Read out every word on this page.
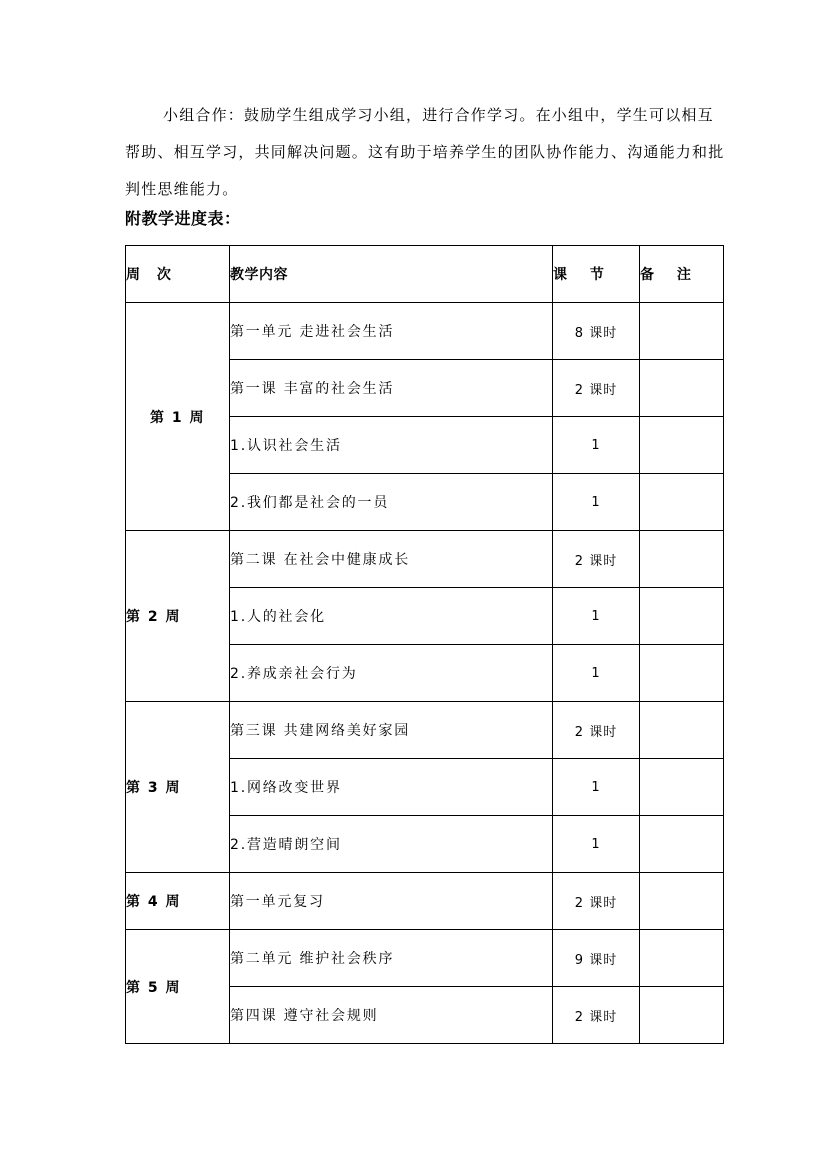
小组合作：鼓励学生组成学习小组，进行合作学习。在小组中，学生可以相互帮助、相互学习，共同解决问题。这有助于培养学生的团队协作能力、沟通能力和批判性思维能力。

附教学进度表：
周 次	教学内容	课 节	备 注
第 1 周	第一单元 走进社会生活	8 课时	
	第一课 丰富的社会生活	2 课时	
	1.认识社会生活	1	
	2.我们都是社会的一员	1	
第 2 周	第二课 在社会中健康成长	2 课时	
	1.人的社会化	1	
	2.养成亲社会行为	1	
第 3 周	第三课 共建网络美好家园	2 课时	
	1.网络改变世界	1	
	2.营造晴朗空间	1	
第 4 周	第一单元复习	2 课时	
第 5 周	第二单元 维护社会秩序	9 课时	
	第四课 遵守社会规则	2 课时	
